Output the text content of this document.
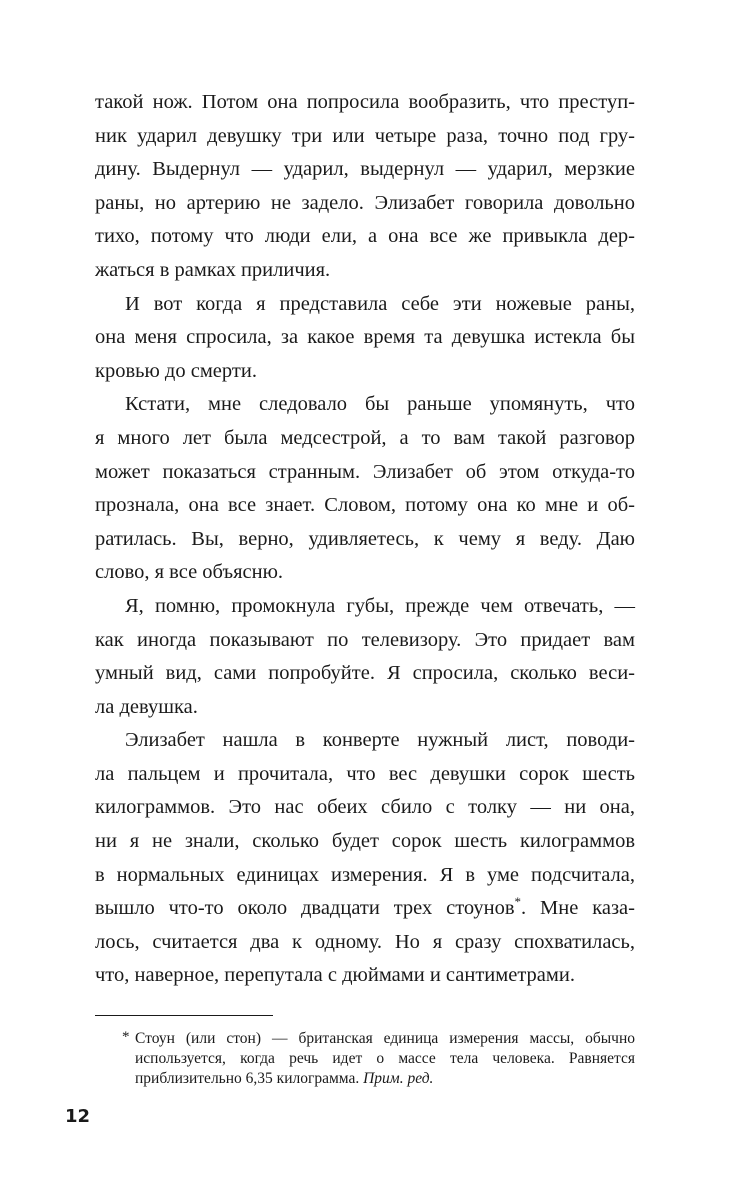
такой нож. Потом она попросила вообразить, что преступ-
ник ударил девушку три или четыре раза, точно под гру-
дину. Выдернул — ударил, выдернул — ударил, мерзкие
раны, но артерию не задело. Элизабет говорила довольно
тихо, потому что люди ели, а она все же привыкла дер-
жаться в рамках приличия.

И вот когда я представила себе эти ножевые раны,
она меня спросила, за какое время та девушка истекла бы
кровью до смерти.

Кстати, мне следовало бы раньше упомянуть, что
я много лет была медсестрой, а то вам такой разговор
может показаться странным. Элизабет об этом откуда-то
прознала, она все знает. Словом, потому она ко мне и об-
ратилась. Вы, верно, удивляетесь, к чему я веду. Даю
слово, я все объясню.

Я, помню, промокнула губы, прежде чем отвечать, —
как иногда показывают по телевизору. Это придает вам
умный вид, сами попробуйте. Я спросила, сколько веси-
ла девушка.

Элизабет нашла в конверте нужный лист, поводи-
ла пальцем и прочитала, что вес девушки сорок шесть
килограммов. Это нас обеих сбило с толку — ни она,
ни я не знали, сколько будет сорок шесть килограммов
в нормальных единицах измерения. Я в уме подсчитала,
вышло что-то около двадцати трех стоунов*. Мне каза-
лось, считается два к одному. Но я сразу спохватилась,
что, наверное, перепутала с дюймами и сантиметрами.

* Стоун (или стон) — британская единица измерения массы, обычно
используется, когда речь идет о массе тела человека. Равняется
приблизительно 6,35 килограмма. Прим. ред.
12
